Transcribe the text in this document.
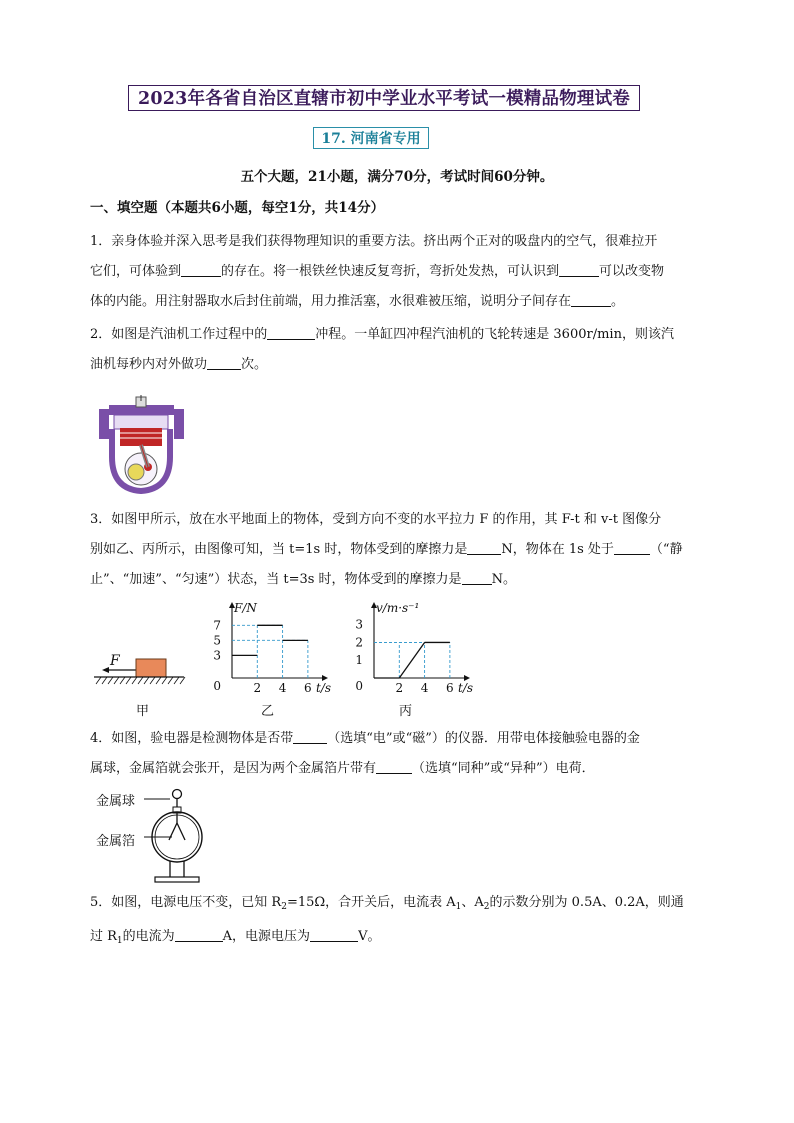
2023年各省自治区直辖市初中学业水平考试一模精品物理试卷
17. 河南省专用
五个大题，21小题，满分70分，考试时间60分钟。
一、填空题（本题共6小题，每空1分，共14分）

1．亲身体验并深入思考是我们获得物理知识的重要方法。挤出两个正对的吸盘内的空气，很难拉开

它们，可体验到	的存在。将一根铁丝快速反复弯折，弯折处发热，可认识到	可以改变物

体的内能。用注射器取水后封住前端，用力推活塞，水很难被压缩，说明分子间存在	。

2．如图是汽油机工作过程中的	冲程。一单缸四冲程汽油机的飞轮转速是 3600r/min，则该汽

油机每秒内对外做功	次。

3．如图甲所示，放在水平地面上的物体，受到方向不变的水平拉力 F 的作用，其 F-t 和 v-t 图像分

别如乙、丙所示，由图像可知，当 t=1s 时，物体受到的摩擦力是	N，物体在 1s 处于	（“静

止”、“加速”、“匀速”）状态，当 t=3s 时，物体受到的摩擦力是 N。

F	3
5
7
2 4 6
0
F/N
t/s
1
2
3
2 4 6
0
v/m·s⁻¹
t/s
甲	乙	丙

4．如图，验电器是检测物体是否带	（选填“电”或“磁”）的仪器．用带电体接触验电器的金

属球，金属箔就会张开，是因为两个金属箔片带有	（选填“同种”或“异种”）电荷．

金属球
金属箔

5．如图，电源电压不变，已知 $R_2=15\Omega$，合开关后，电流表 $A_1$、$A_2$的示数分别为 0.5A、0.2A，则通

过 $R_1$的电流为	A，电源电压为	V。
